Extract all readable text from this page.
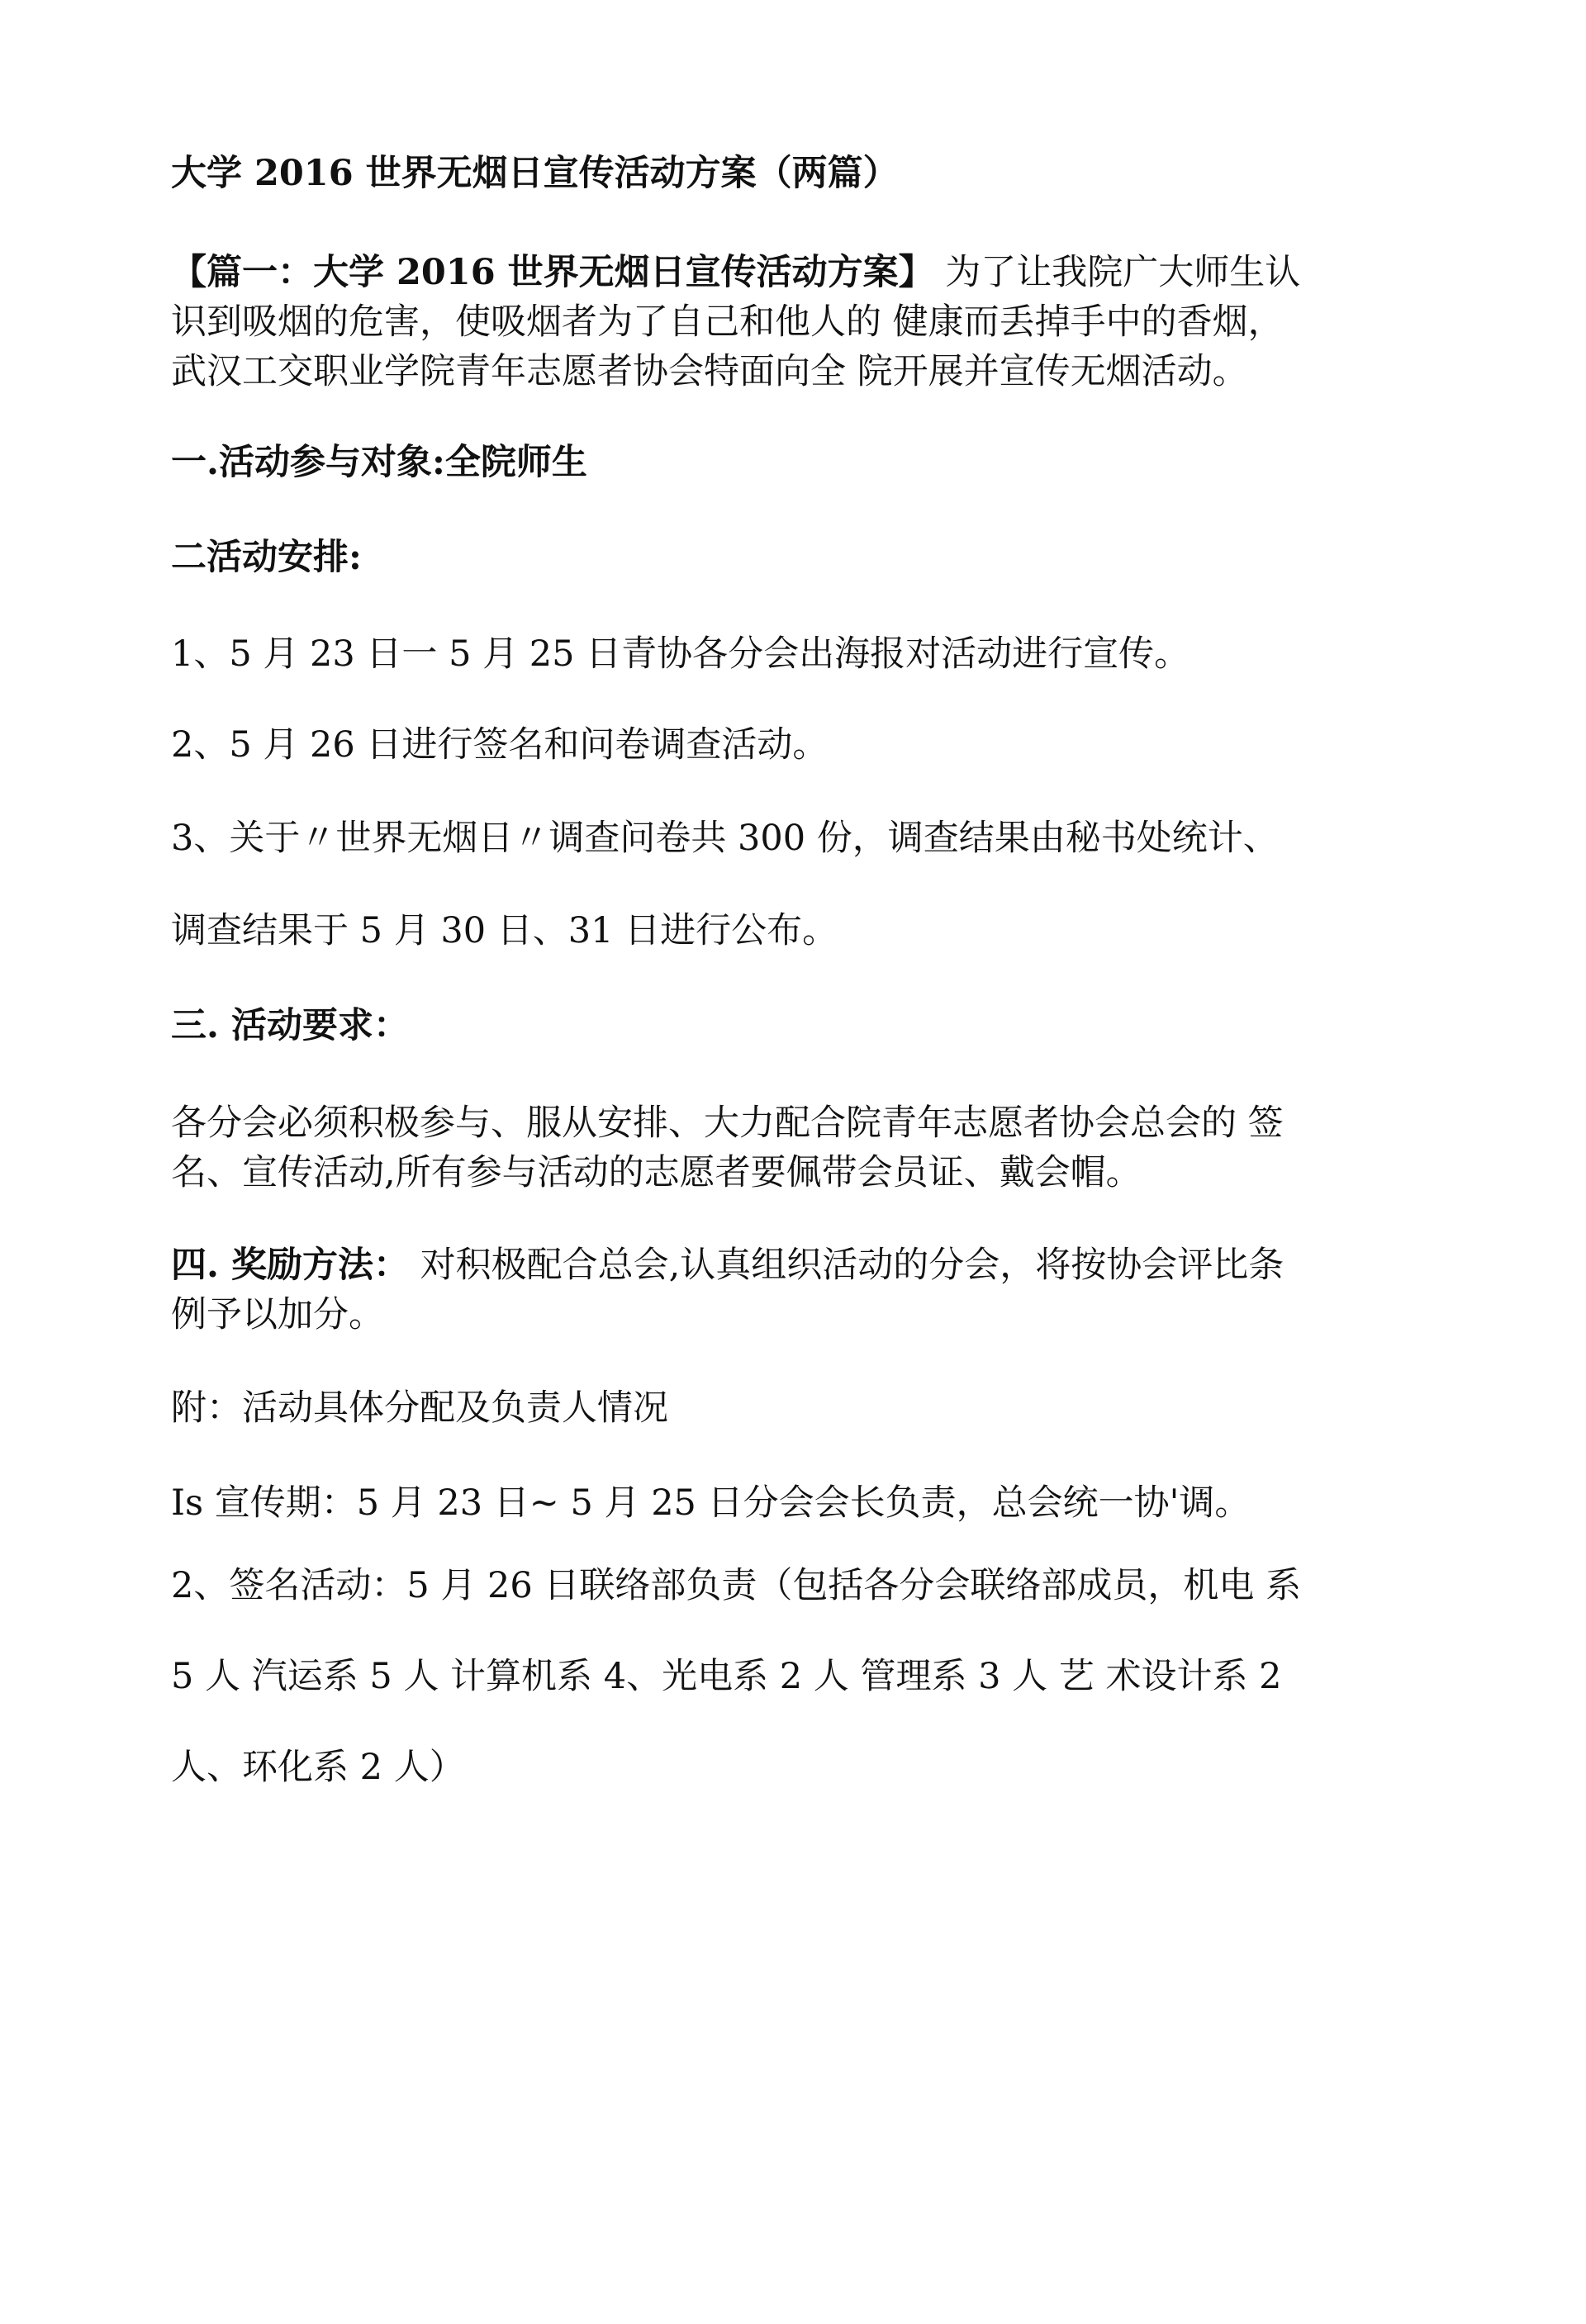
大学 2016 世界无烟日宣传活动方案（两篇）

【篇一：大学 2016 世界无烟日宣传活动方案】 为了让我院广大师生认
识到吸烟的危害，使吸烟者为了自己和他人的 健康而丢掉手中的香烟，
武汉工交职业学院青年志愿者协会特面向全 院开展并宣传无烟活动。

一.活动参与对象:全院师生

二活动安排:

1、5 月 23 日一 5 月 25 日青协各分会出海报对活动进行宣传。

2、5 月 26 日进行签名和问卷调查活动。

3、关于〃世界无烟日〃调查问卷共 300 份，调查结果由秘书处统计、

调查结果于 5 月 30 日、31 日进行公布。

三. 活动要求：

各分会必须积极参与、服从安排、大力配合院青年志愿者协会总会的 签
名、宣传活动,所有参与活动的志愿者要佩带会员证、戴会帽。
四. 奖励方法： 对积极配合总会,认真组织活动的分会，将按协会评比条
例予以加分。

附：活动具体分配及负责人情况

Is 宣传期：5 月 23 日~ 5 月 25 日分会会长负责，总会统一协'调。

2、签名活动：5 月 26 日联络部负责（包括各分会联络部成员，机电 系

5 人 汽运系 5 人 计算机系 4、光电系 2 人 管理系 3 人 艺 术设计系 2

人、环化系 2 人）
